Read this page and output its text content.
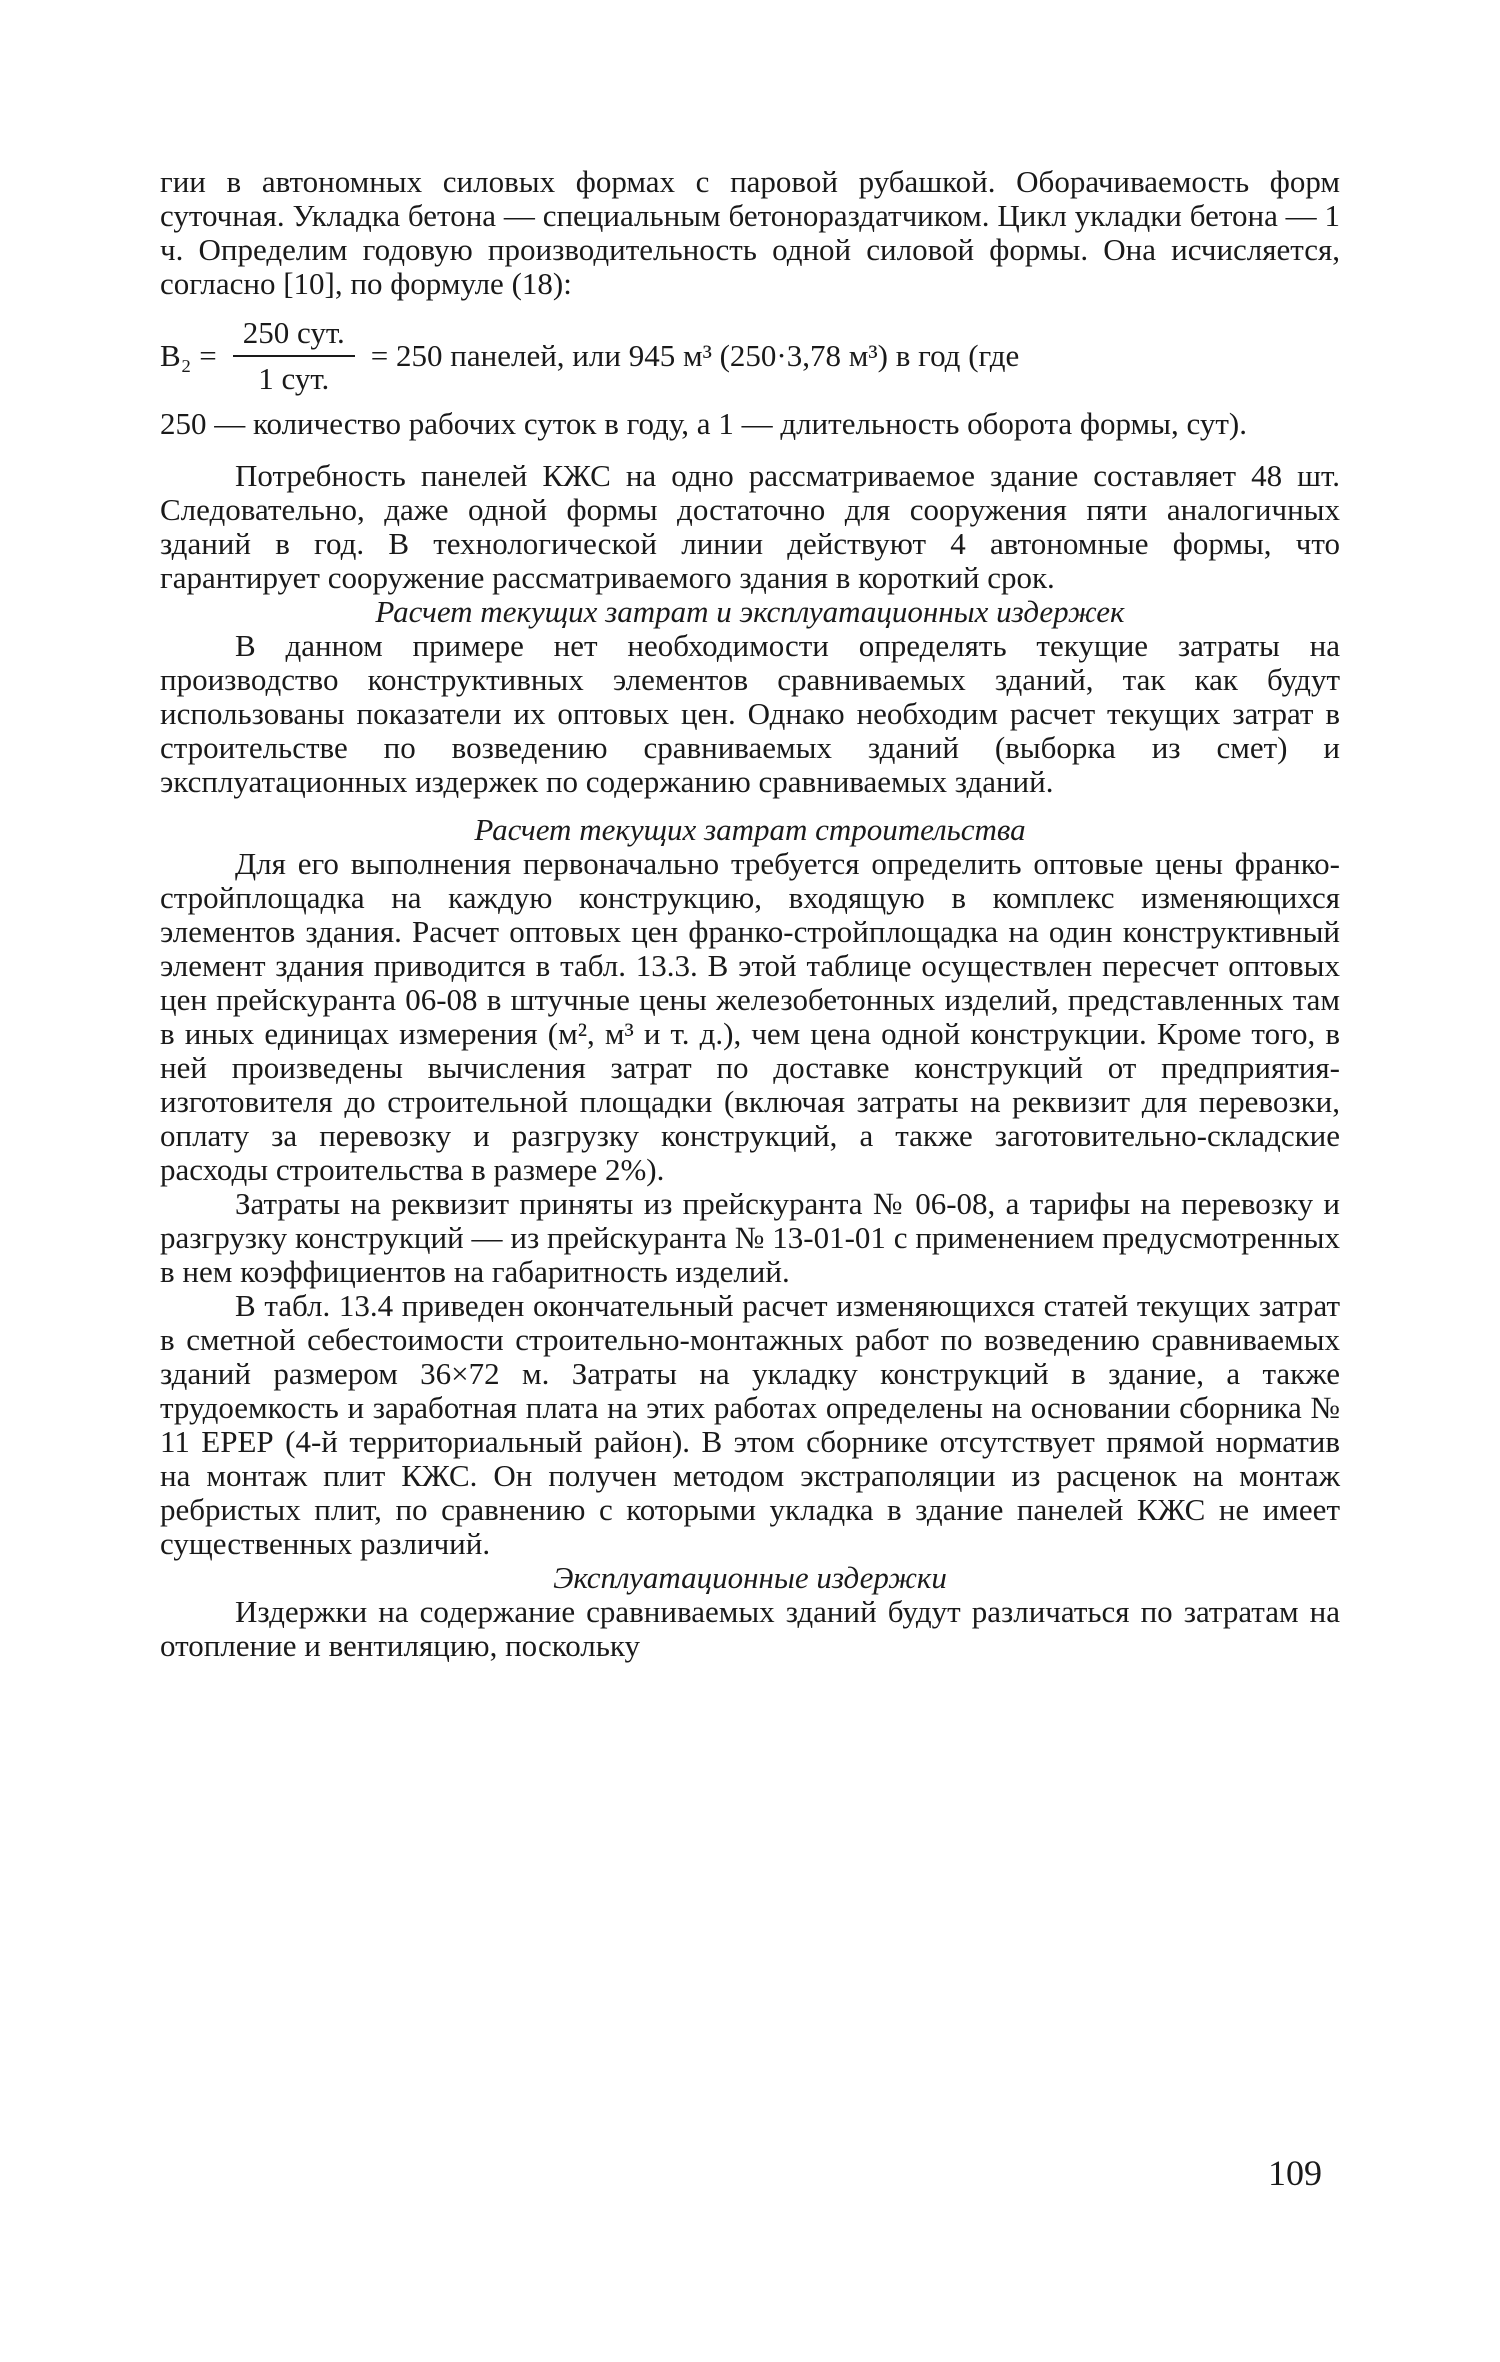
гии в автономных силовых формах с паровой рубашкой. Оборачиваемость форм суточная. Укладка бетона — специальным бетонораздатчиком. Цикл укладки бетона — 1 ч. Определим годовую производительность одной силовой формы. Она исчисляется, согласно [10], по формуле (18):

$B_2 = \frac{\text{250 сут.}}{\text{1 сут.}} = 250$ панелей, или 945 м³ (250·3,78 м³) в год (где

250 — количество рабочих суток в году, а 1 — длительность оборота формы, сут).

Потребность панелей КЖС на одно рассматриваемое здание составляет 48 шт. Следовательно, даже одной формы достаточно для сооружения пяти аналогичных зданий в год. В технологической линии действуют 4 автономные формы, что гарантирует сооружение рассматриваемого здания в короткий срок.

Расчет текущих затрат и эксплуатационных издержек

В данном примере нет необходимости определять текущие затраты на производство конструктивных элементов сравниваемых зданий, так как будут использованы показатели их оптовых цен. Однако необходим расчет текущих затрат в строительстве по возведению сравниваемых зданий (выборка из смет) и эксплуатационных издержек по содержанию сравниваемых зданий.

Расчет текущих затрат строительства

Для его выполнения первоначально требуется определить оптовые цены франко-стройплощадка на каждую конструкцию, входящую в комплекс изменяющихся элементов здания. Расчет оптовых цен франко-стройплощадка на один конструктивный элемент здания приводится в табл. 13.3. В этой таблице осуществлен пересчет оптовых цен прейскуранта 06-08 в штучные цены железобетонных изделий, представленных там в иных единицах измерения (м², м³ и т. д.), чем цена одной конструкции. Кроме того, в ней произведены вычисления затрат по доставке конструкций от предприятия-изготовителя до строительной площадки (включая затраты на реквизит для перевозки, оплату за перевозку и разгрузку конструкций, а также заготовительно-складские расходы строительства в размере 2%).

Затраты на реквизит приняты из прейскуранта № 06-08, а тарифы на перевозку и разгрузку конструкций — из прейскуранта № 13-01-01 с применением предусмотренных в нем коэффициентов на габаритность изделий.

В табл. 13.4 приведен окончательный расчет изменяющихся статей текущих затрат в сметной себестоимости строительно-монтажных работ по возведению сравниваемых зданий размером 36×72 м. Затраты на укладку конструкций в здание, а также трудоемкость и заработная плата на этих работах определены на основании сборника № 11 ЕРЕР (4-й территориальный район). В этом сборнике отсутствует прямой норматив на монтаж плит КЖС. Он получен методом экстраполяции из расценок на монтаж ребристых плит, по сравнению с которыми укладка в здание панелей КЖС не имеет существенных различий.

Эксплуатационные издержки

Издержки на содержание сравниваемых зданий будут различаться по затратам на отопление и вентиляцию, поскольку

109
